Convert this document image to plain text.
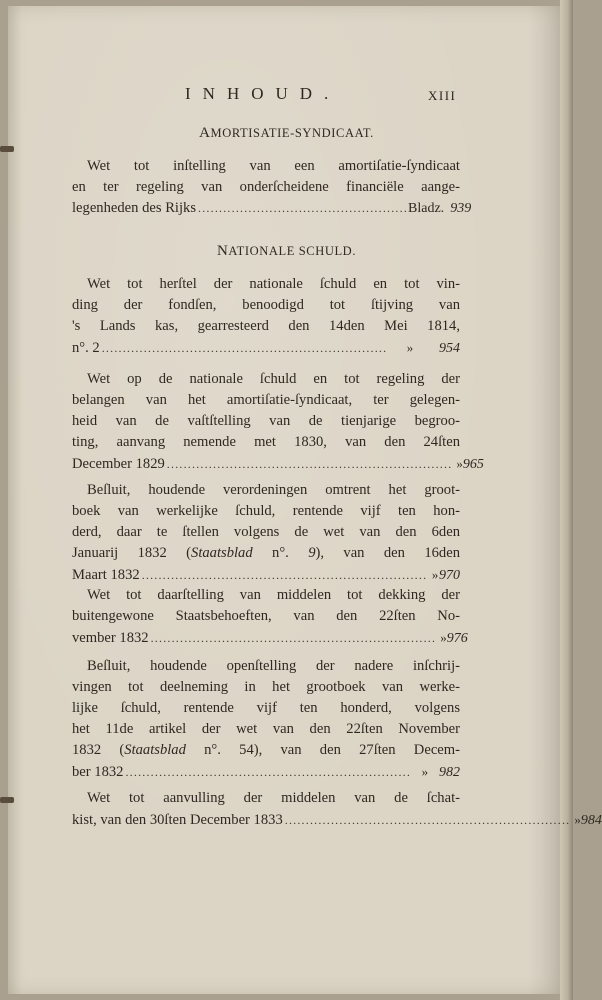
INHOUD.	XIII
AMORTISATIE-SYNDICAAT.
Wet tot inſtelling van een amortiſatie-ſyndicaat
en ter regeling van onderſcheidene financiële aange-
legenheden des Rijks .................................................. Bladz. 939
NATIONALE SCHULD.
Wet tot herſtel der nationale ſchuld en tot vin-
ding der fondſen, benoodigd tot ſtijving van
's Lands kas, gearresteerd den 14den Mei 1814,
n°. 2 ....................................................................	»	954
Wet op de nationale ſchuld en tot regeling der
belangen van het amortiſatie-ſyndicaat, ter gelegen-
heid van de vaſtſtelling van de tienjarige begroo-
ting, aanvang nemende met 1830, van den 24ſten
December 1829 .................................................................... » 965
Beſluit, houdende verordeningen omtrent het groot-
boek van werkelijke ſchuld, rentende vijf ten hon-
derd, daar te ſtellen volgens de wet van den 6den
Januarij 1832 (Staatsblad n°. 9), van den 16den
Maart 1832 .................................................................... » 970
Wet tot daarſtelling van middelen tot dekking der
buitengewone Staatsbehoeften, van den 22ſten No-
vember 1832 .................................................................... » 976
Beſluit, houdende openſtelling der nadere inſchrij-
vingen tot deelneming in het grootboek van werke-
lijke ſchuld, rentende vijf ten honderd, volgens
het 11de artikel der wet van den 22ſten November
1832 (Staatsblad n°. 54), van den 27ſten Decem-
ber 1832 .................................................................... » 982
Wet tot aanvulling der middelen van de ſchat-
kist, van den 30ſten December 1833 .................................................................... » 984
